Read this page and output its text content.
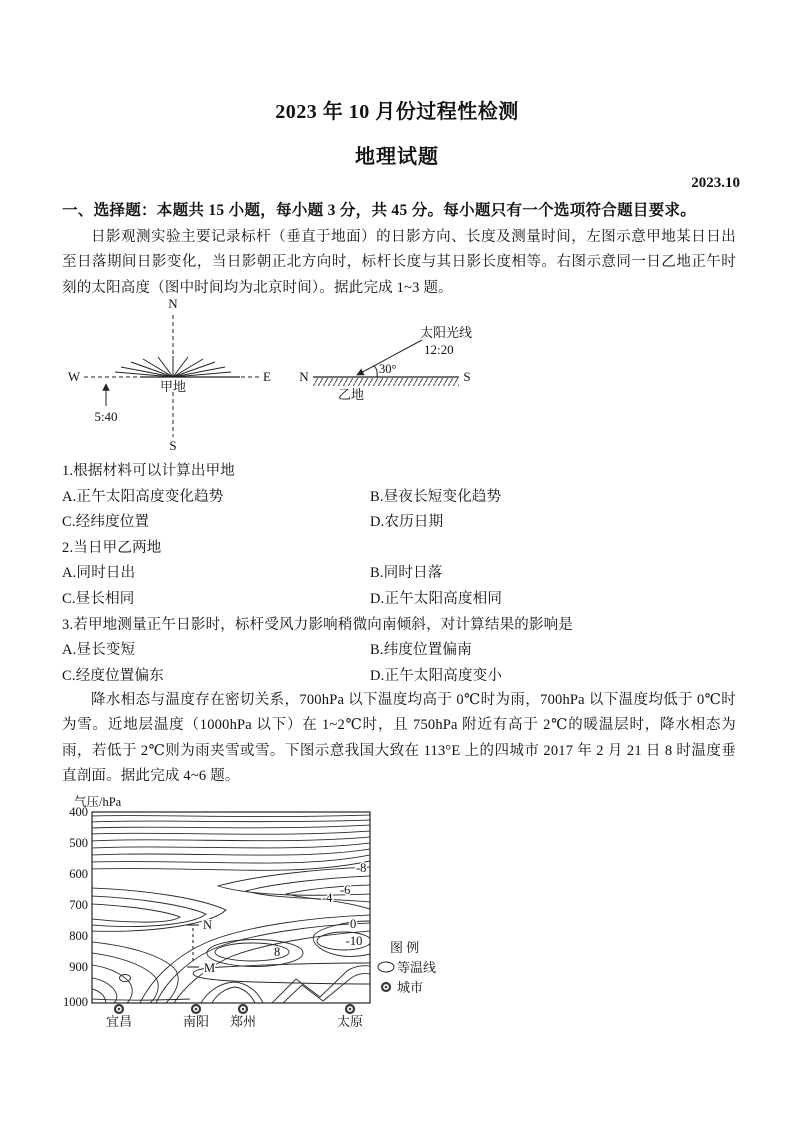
2023 年 10 月份过程性检测
地理试题
2023.10
一、选择题：本题共 15 小题，每小题 3 分，共 45 分。每小题只有一个选项符合题目要求。
日影观测实验主要记录标杆（垂直于地面）的日影方向、长度及测量时间，左图示意甲地某日日出至日落期间日影变化，当日影朝正北方向时，标杆长度与其日影长度相等。右图示意同一日乙地正午时刻的太阳高度（图中时间均为北京时间）。据此完成 1~3 题。
N
S
W	E
甲地
5:40
N	S
乙地
太阳光线
12:20
30°
1.根据材料可以计算出甲地
A.正午太阳高度变化趋势	B.昼夜长短变化趋势
C.经纬度位置	D.农历日期
2.当日甲乙两地
A.同时日出	B.同时日落
C.昼长相同	D.正午太阳高度相同
3.若甲地测量正午日影时，标杆受风力影响稍微向南倾斜，对计算结果的影响是
A.昼长变短	B.纬度位置偏南
C.经度位置偏东	D.正午太阳高度变小
降水相态与温度存在密切关系，700hPa 以下温度均高于 0℃时为雨，700hPa 以下温度均低于 0℃时为雪。近地层温度（1000hPa 以下）在 1~2℃时，且 750hPa 附近有高于 2℃的暖温层时，降水相态为雨，若低于 2℃则为雨夹雪或雪。下图示意我国大致在 113°E 上的四城市 2017 年 2 月 21 日 8 时温度垂直剖面。据此完成 4~6 题。
N
M
-8
-6
-4
0
-10
8
气压/hPa
400
500
600
700
800
900
1000
宜昌	南阳 郑州	太原
图 例
等温线
城市
